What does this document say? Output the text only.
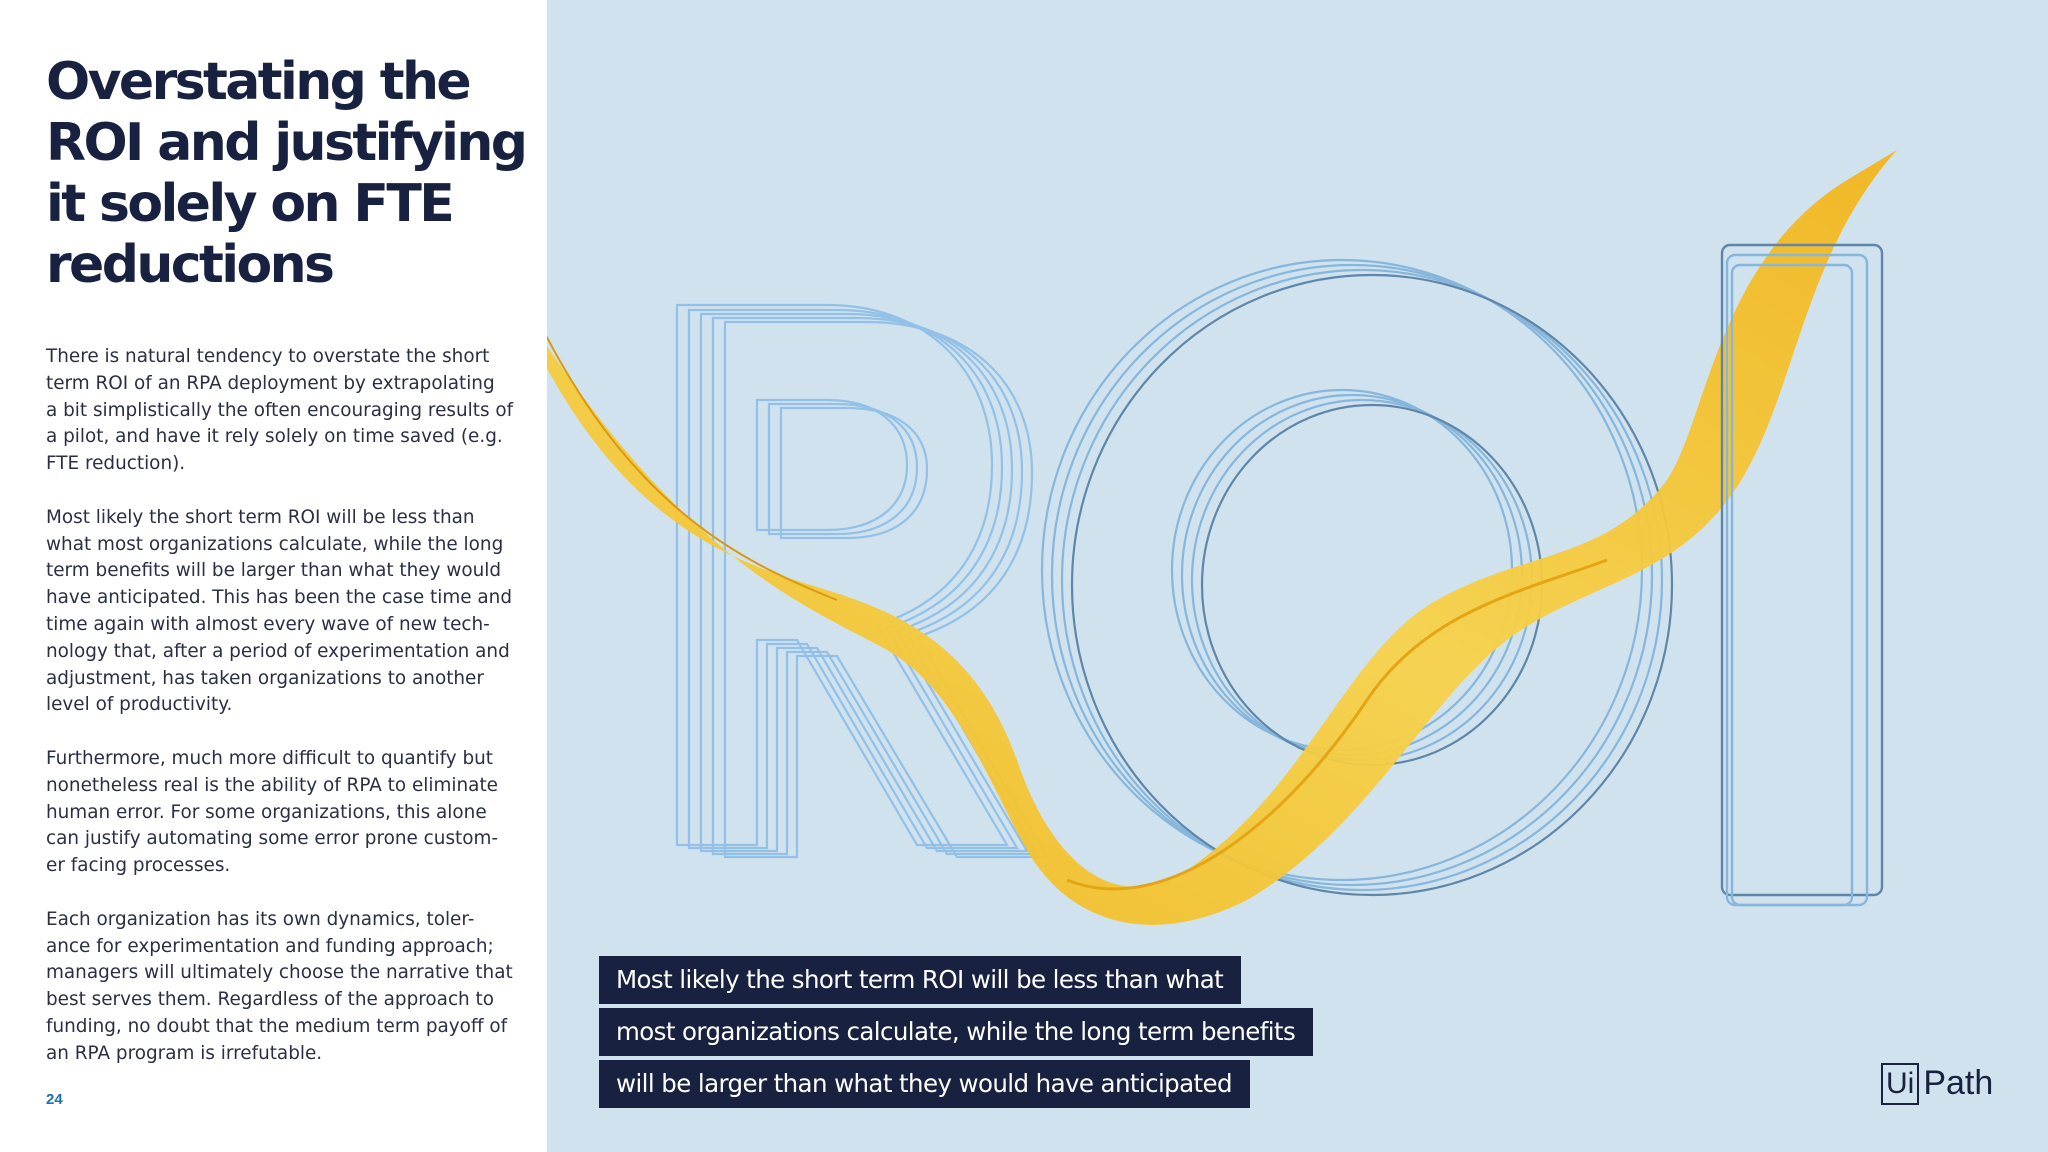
Overstating the
ROI and justifying
it solely on FTE
reductions

There is natural tendency to overstate the short
term ROI of an RPA deployment by extrapolating
a bit simplistically the often encouraging results of
a pilot, and have it rely solely on time saved (e.g.
FTE reduction).

Most likely the short term ROI will be less than
what most organizations calculate, while the long
term benefits will be larger than what they would
have anticipated. This has been the case time and
time again with almost every wave of new tech-
nology that, after a period of experimentation and
adjustment, has taken organizations to another
level of productivity.

Furthermore, much more difficult to quantify but
nonetheless real is the ability of RPA to eliminate
human error. For some organizations, this alone
can justify automating some error prone custom-
er facing processes.

Each organization has its own dynamics, toler-
ance for experimentation and funding approach;
managers will ultimately choose the narrative that
best serves them. Regardless of the approach to
funding, no doubt that the medium term payoff of
an RPA program is irrefutable.

24
Most likely the short term ROI will be less than what
most organizations calculate, while the long term benefits
will be larger than what they would have anticipated	Ui Path
